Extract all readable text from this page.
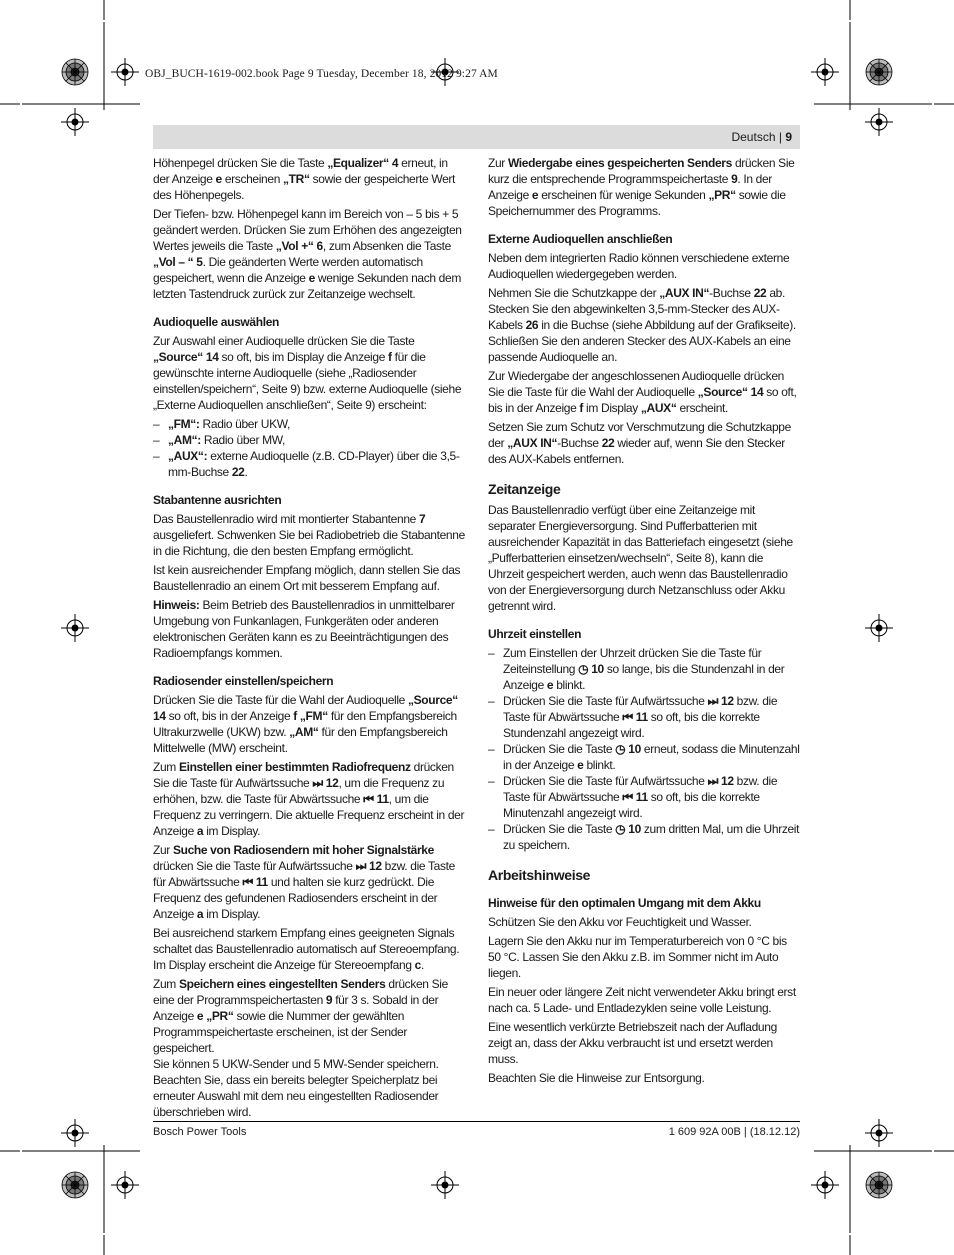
OBJ_BUCH-1619-002.book Page 9 Tuesday, December 18, 2012 9:27 AM
Deutsch | 9

Höhenpegel drücken Sie die Taste „Equalizer“ 4 erneut, in der Anzeige e erscheinen „TR“ sowie der gespeicherte Wert des Höhenpegels.

Der Tiefen- bzw. Höhenpegel kann im Bereich von – 5 bis + 5 geändert werden. Drücken Sie zum Erhöhen des angezeigten Wertes jeweils die Taste „Vol +“ 6, zum Absenken die Taste „Vol – “ 5. Die geänderten Werte werden automatisch gespeichert, wenn die Anzeige e wenige Sekunden nach dem letzten Tastendruck zurück zur Zeitanzeige wechselt.

Audioquelle auswählen

Zur Auswahl einer Audioquelle drücken Sie die Taste „Source“ 14 so oft, bis im Display die Anzeige f für die gewünschte interne Audioquelle (siehe „Radiosender einstellen/speichern“, Seite 9) bzw. externe Audioquelle (siehe „Externe Audioquellen anschließen“, Seite 9) erscheint:

– „FM“: Radio über UKW,
– „AM“: Radio über MW,
– „AUX“: externe Audioquelle (z.B. CD-Player) über die 3,5-mm-Buchse 22.
Stabantenne ausrichten

Das Baustellenradio wird mit montierter Stabantenne 7 ausgeliefert. Schwenken Sie bei Radiobetrieb die Stabantenne in die Richtung, die den besten Empfang ermöglicht.

Ist kein ausreichender Empfang möglich, dann stellen Sie das Baustellenradio an einem Ort mit besserem Empfang auf.

Hinweis: Beim Betrieb des Baustellenradios in unmittelbarer Umgebung von Funkanlagen, Funkgeräten oder anderen elektronischen Geräten kann es zu Beeinträchtigungen des Radioempfangs kommen.

Radiosender einstellen/speichern

Drücken Sie die Taste für die Wahl der Audioquelle „Source“ 14 so oft, bis in der Anzeige f „FM“ für den Empfangsbereich Ultrakurzwelle (UKW) bzw. „AM“ für den Empfangsbereich Mittelwelle (MW) erscheint.

Zum Einstellen einer bestimmten Radiofrequenz drücken Sie die Taste für Aufwärtssuche ⏭ 12, um die Frequenz zu erhöhen, bzw. die Taste für Abwärtssuche ⏮ 11, um die Frequenz zu verringern. Die aktuelle Frequenz erscheint in der Anzeige a im Display.

Zur Suche von Radiosendern mit hoher Signalstärke drücken Sie die Taste für Aufwärtssuche ⏭ 12 bzw. die Taste für Abwärtssuche ⏮ 11 und halten sie kurz gedrückt. Die Frequenz des gefundenen Radiosenders erscheint in der Anzeige a im Display.

Bei ausreichend starkem Empfang eines geeigneten Signals schaltet das Baustellenradio automatisch auf Stereoempfang. Im Display erscheint die Anzeige für Stereoempfang c.

Zum Speichern eines eingestellten Senders drücken Sie eine der Programmspeichertasten 9 für 3 s. Sobald in der Anzeige e „PR“ sowie die Nummer der gewählten Programmspeichertaste erscheinen, ist der Sender gespeichert.
Sie können 5 UKW-Sender und 5 MW-Sender speichern. Beachten Sie, dass ein bereits belegter Speicherplatz bei erneuter Auswahl mit dem neu eingestellten Radiosender überschrieben wird.

Zur Wiedergabe eines gespeicherten Senders drücken Sie kurz die entsprechende Programmspeichertaste 9. In der Anzeige e erscheinen für wenige Sekunden „PR“ sowie die Speichernummer des Programms.

Externe Audioquellen anschließen

Neben dem integrierten Radio können verschiedene externe Audioquellen wiedergegeben werden.

Nehmen Sie die Schutzkappe der „AUX IN“-Buchse 22 ab. Stecken Sie den abgewinkelten 3,5-mm-Stecker des AUX-Kabels 26 in die Buchse (siehe Abbildung auf der Grafikseite). Schließen Sie den anderen Stecker des AUX-Kabels an eine passende Audioquelle an.

Zur Wiedergabe der angeschlossenen Audioquelle drücken Sie die Taste für die Wahl der Audioquelle „Source“ 14 so oft, bis in der Anzeige f im Display „AUX“ erscheint.

Setzen Sie zum Schutz vor Verschmutzung die Schutzkappe der „AUX IN“-Buchse 22 wieder auf, wenn Sie den Stecker des AUX-Kabels entfernen.

Zeitanzeige

Das Baustellenradio verfügt über eine Zeitanzeige mit separater Energieversorgung. Sind Pufferbatterien mit ausreichender Kapazität in das Batteriefach eingesetzt (siehe „Pufferbatterien einsetzen/wechseln“, Seite 8), kann die Uhrzeit gespeichert werden, auch wenn das Baustellenradio von der Energieversorgung durch Netzanschluss oder Akku getrennt wird.

Uhrzeit einstellen
– Zum Einstellen der Uhrzeit drücken Sie die Taste für Zeiteinstellung ◷ 10 so lange, bis die Stundenzahl in der Anzeige e blinkt.
– Drücken Sie die Taste für Aufwärtssuche ⏭ 12 bzw. die Taste für Abwärtssuche ⏮ 11 so oft, bis die korrekte Stundenzahl angezeigt wird.
– Drücken Sie die Taste ◷ 10 erneut, sodass die Minutenzahl in der Anzeige e blinkt.
– Drücken Sie die Taste für Aufwärtssuche ⏭ 12 bzw. die Taste für Abwärtssuche ⏮ 11 so oft, bis die korrekte Minutenzahl angezeigt wird.
– Drücken Sie die Taste ◷ 10 zum dritten Mal, um die Uhrzeit zu speichern.
Arbeitshinweise
Hinweise für den optimalen Umgang mit dem Akku

Schützen Sie den Akku vor Feuchtigkeit und Wasser.

Lagern Sie den Akku nur im Temperaturbereich von 0 °C bis 50 °C. Lassen Sie den Akku z.B. im Sommer nicht im Auto liegen.

Ein neuer oder längere Zeit nicht verwendeter Akku bringt erst nach ca. 5 Lade- und Entladezyklen seine volle Leistung.

Eine wesentlich verkürzte Betriebszeit nach der Aufladung zeigt an, dass der Akku verbraucht ist und ersetzt werden muss.

Beachten Sie die Hinweise zur Entsorgung.

Bosch Power Tools	1 609 92A 00B | (18.12.12)
